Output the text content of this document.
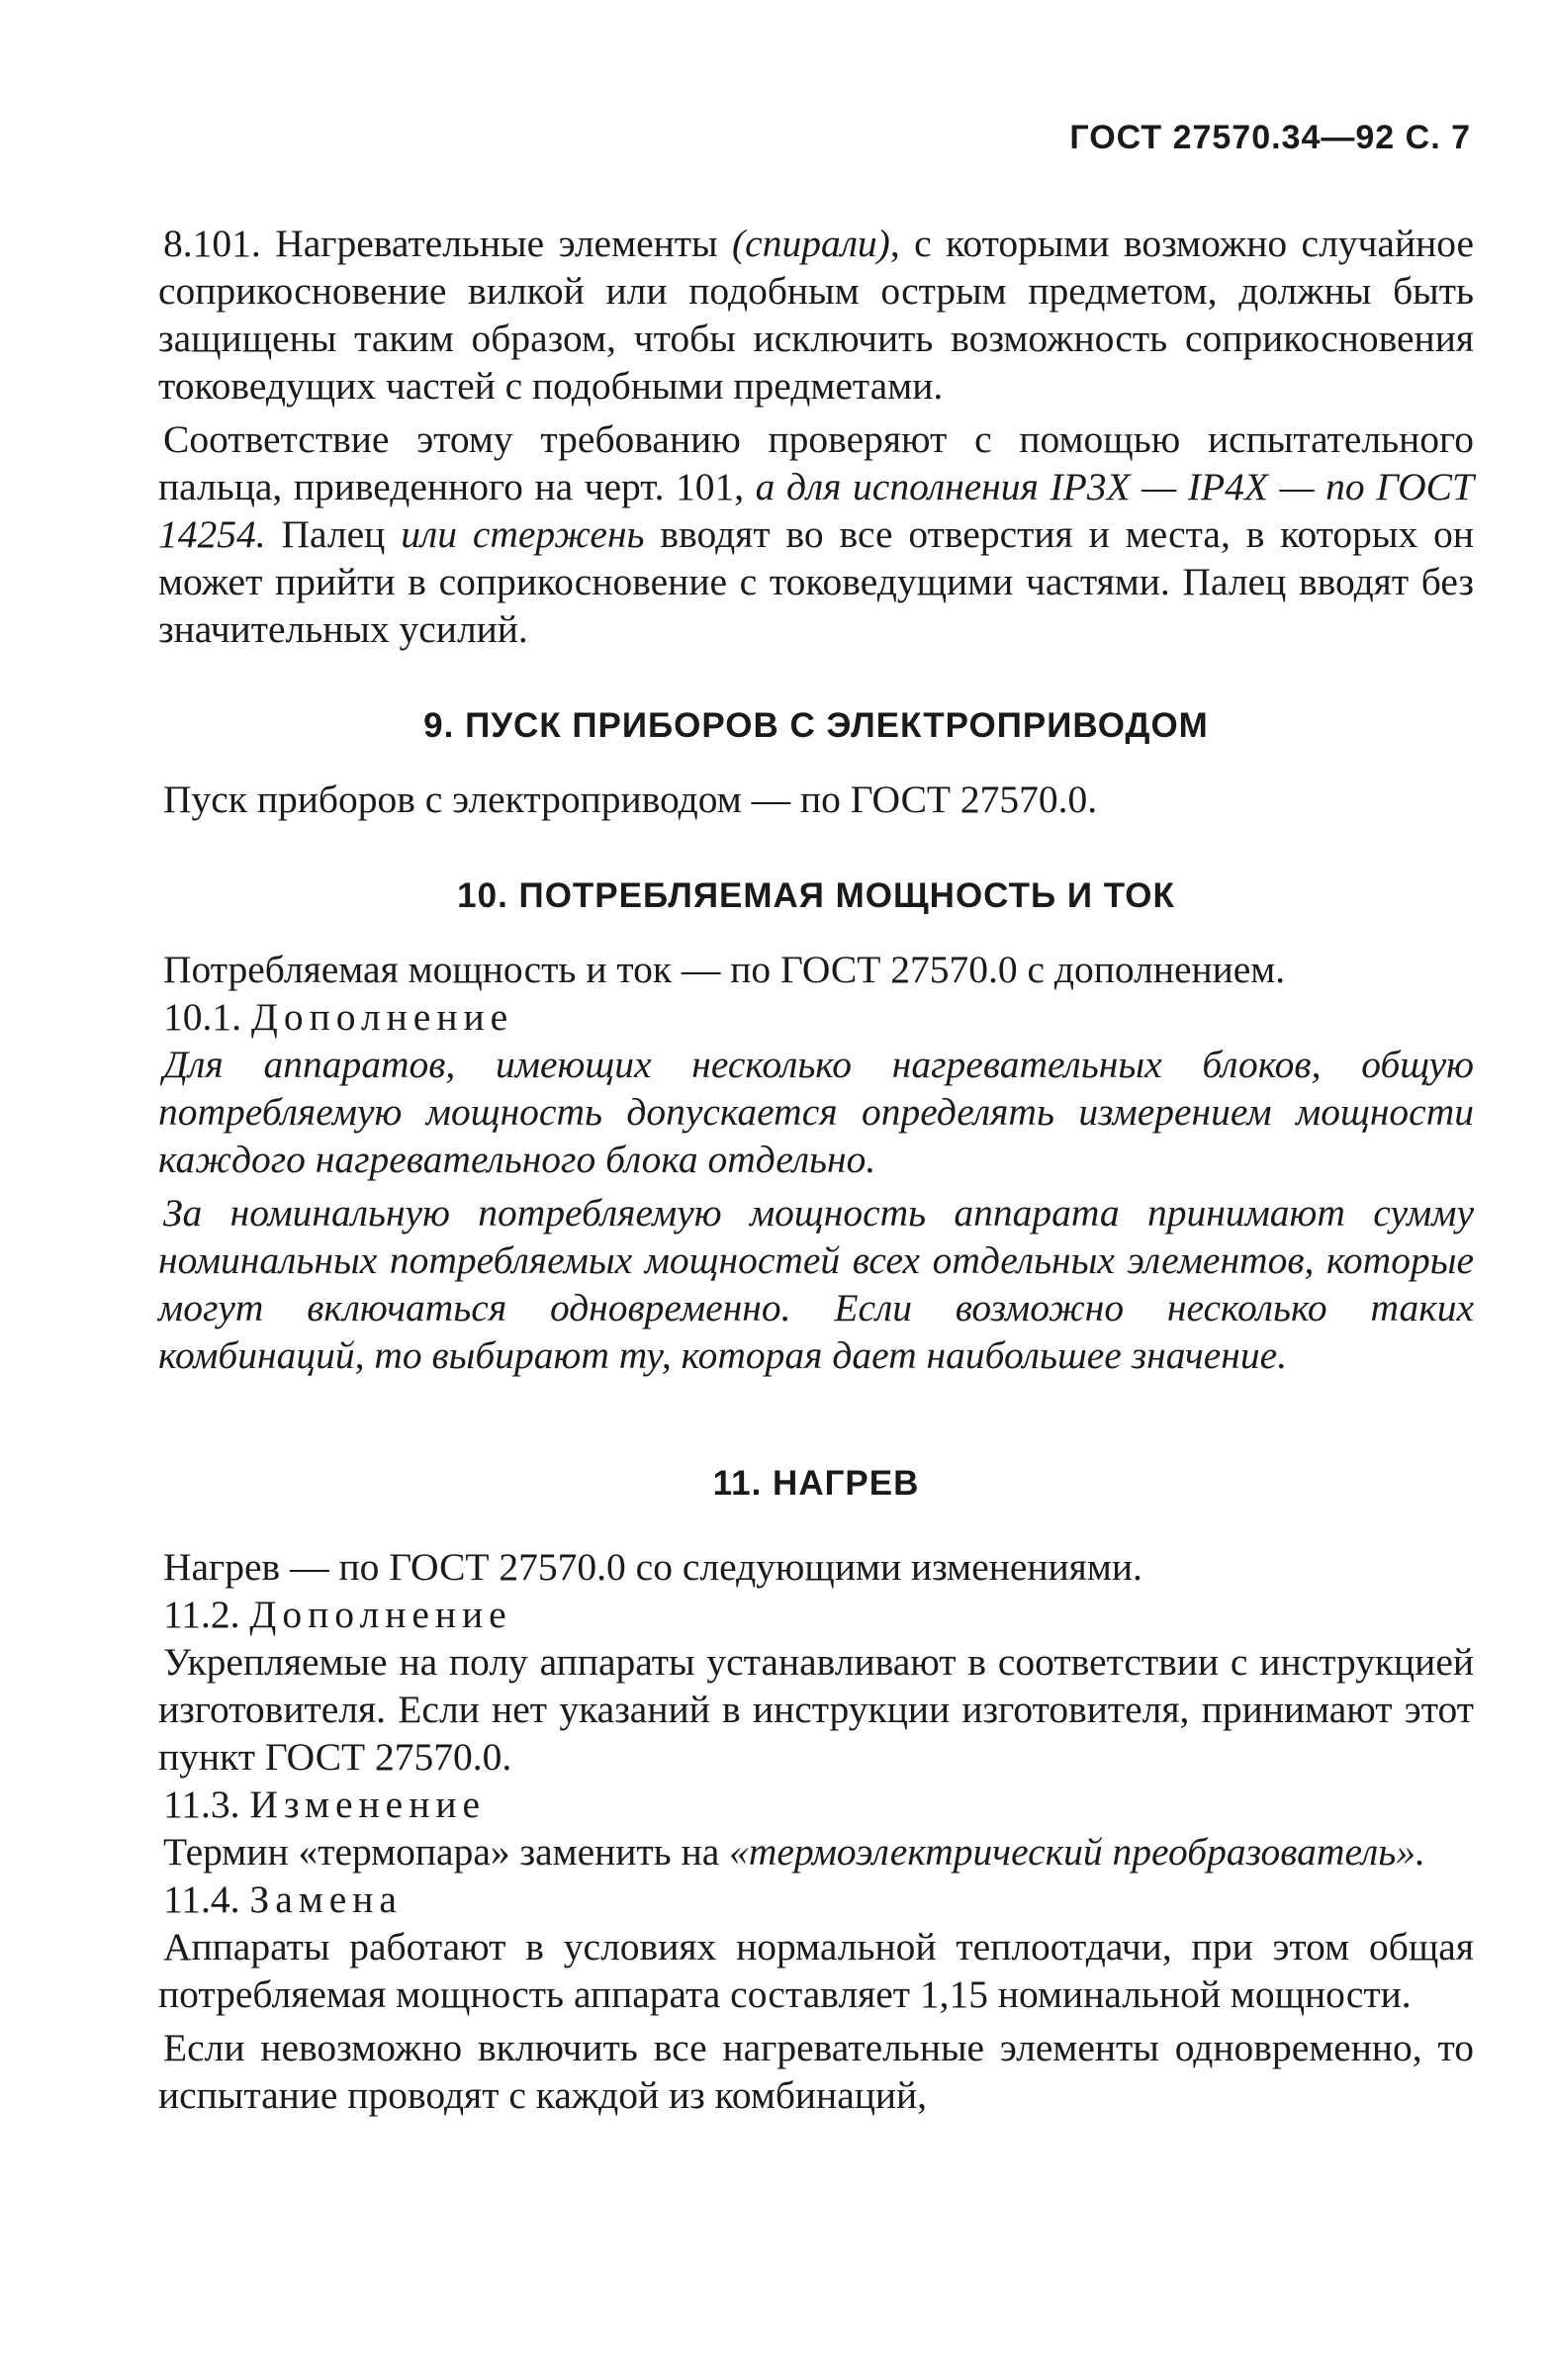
ГОСТ 27570.34—92 С. 7

8.101. Нагревательные элементы (спирали), с которыми возможно случайное соприкосновение вилкой или подобным острым предметом, должны быть защищены таким образом, чтобы исключить возможность соприкосновения токоведущих частей с подобными предметами.

Соответствие этому требованию проверяют с помощью испытательного пальца, приведенного на черт. 101, а для исполнения IP3X — IP4X — по ГОСТ 14254. Палец или стержень вводят во все отверстия и места, в которых он может прийти в соприкосновение с токоведущими частями. Палец вводят без значительных усилий.

9. ПУСК ПРИБОРОВ С ЭЛЕКТРОПРИВОДОМ

Пуск приборов с электроприводом — по ГОСТ 27570.0.

10. ПОТРЕБЛЯЕМАЯ МОЩНОСТЬ И ТОК

Потребляемая мощность и ток — по ГОСТ 27570.0 с дополнением.

10.1. Дополнение

Для аппаратов, имеющих несколько нагревательных блоков, общую потребляемую мощность допускается определять измерением мощности каждого нагревательного блока отдельно.

За номинальную потребляемую мощность аппарата принимают сумму номинальных потребляемых мощностей всех отдельных элементов, которые могут включаться одновременно. Если возможно несколько таких комбинаций, то выбирают ту, которая дает наибольшее значение.

11. НАГРЕВ

Нагрев — по ГОСТ 27570.0 со следующими изменениями.

11.2. Дополнение

Укрепляемые на полу аппараты устанавливают в соответствии с инструкцией изготовителя. Если нет указаний в инструкции изготовителя, принимают этот пункт ГОСТ 27570.0.

11.3. Изменение

Термин «термопара» заменить на «термоэлектрический преобразователь».

11.4. Замена

Аппараты работают в условиях нормальной теплоотдачи, при этом общая потребляемая мощность аппарата составляет 1,15 номинальной мощности.

Если невозможно включить все нагревательные элементы одновременно, то испытание проводят с каждой из комбинаций,
